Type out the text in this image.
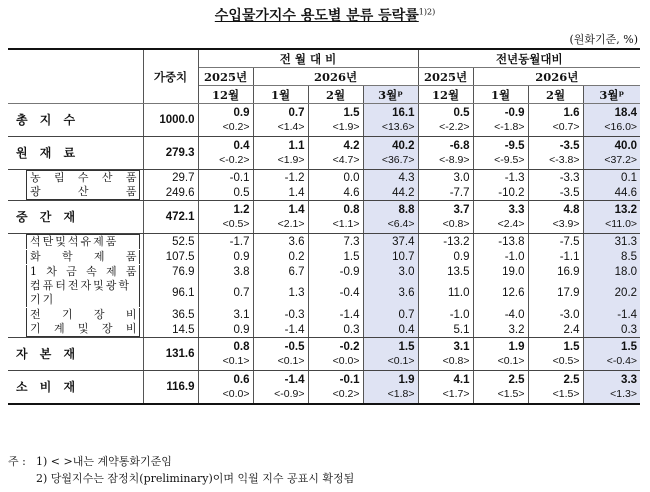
수입물가지수 용도별 분류 등락률$^{1)2)}$
(원화기준, %)
	가중치	전 월 대 비				전년동월대비			
		2025년	2026년			2025년	2026년		
		12월	1월	2월	3월ᵖ	12월	1월	2월	3월ᵖ
총 지 수	1000.0	0.9	0.7	1.5	16.1	0.5	-0.9	1.6	18.4
		<0.2>	<1.4>	<1.9>	<13.6>	<-2.2>	<-1.8>	<0.7>	<16.0>
원 재 료	279.3	0.4	1.1	4.2	40.2	-6.8	-9.5	-3.5	40.0
		<-0.2>	<1.9>	<4.7>	<36.7>	<-8.9>	<-9.5>	<-3.8>	<37.2>

농 림 수 산 품	29.7	-0.1	-1.2	0.0	4.3	3.0	-1.3	-3.3	0.1

광 산 품	249.6	0.5	1.4	4.6	44.2	-7.7	-10.2	-3.5	44.6
중 간 재	472.1	1.2	1.4	0.8	8.8	3.7	3.3	4.8	13.2
		<0.5>	<2.1>	<1.1>	<6.4>	<0.8>	<2.4>	<3.9>	<11.0>

석탄및석유제품	52.5	-1.7	3.6	7.3	37.4	-13.2	-13.8	-7.5	31.3

화 학 제 품	107.5	0.9	0.2	1.5	10.7	0.9	-1.0	-1.1	8.5

1 차 금 속 제 품	76.9	3.8	6.7	-0.9	3.0	13.5	19.0	16.9	18.0

컴퓨터전자및광학기기	96.1	0.7	1.3	-0.4	3.6	11.0	12.6	17.9	20.2

전 기 장 비	36.5	3.1	-0.3	-1.4	0.7	-1.0	-4.0	-3.0	-1.4

기 계 및 장 비	14.5	0.9	-1.4	0.3	0.4	5.1	3.2	2.4	0.3
자 본 재	131.6	0.8	-0.5	-0.2	1.5	3.1	1.9	1.5	1.5
		<0.1>	<0.1>	<0.0>	<0.1>	<0.8>	<0.1>	<0.5>	<-0.4>
소 비 재	116.9	0.6	-1.4	-0.1	1.9	4.1	2.5	2.5	3.3
		<0.0>	<-0.9>	<0.2>	<1.8>	<1.7>	<1.5>	<1.5>	<1.3>
주 : 1) < >내는 계약통화기준임
2) 당월지수는 잠정치(preliminary)이며 익월 지수 공표시 확정됨
